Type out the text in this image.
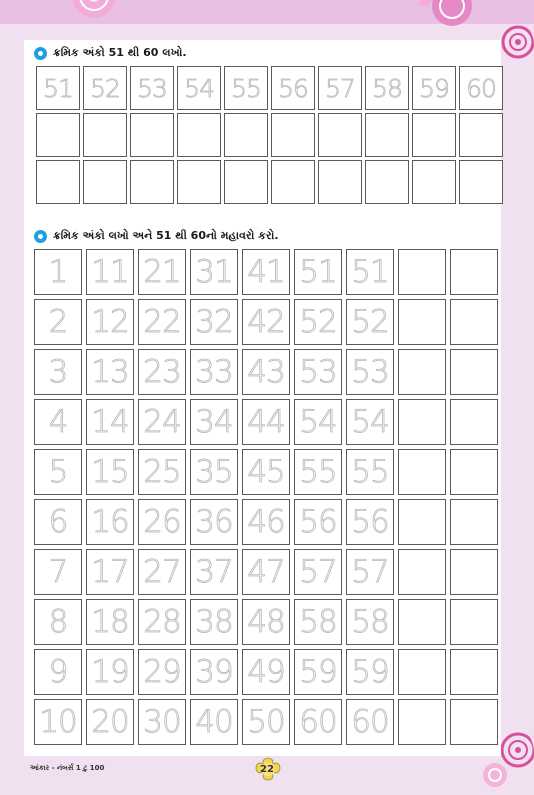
ક્રમિક અંકો 51 થી 60 લખો.
51 52 53 54 55 56 57 58 59 60
ક્રમિક અંકો લખો અને 51 થી 60નો મહાવરો કરો.
1 11 21 31 41 51 51
2 12 22 32 42 52 52
3 13 23 33 43 53 53
4 14 24 34 44 54 54
5 15 25 35 45 55 55
6 16 26 36 46 56 56
7 17 27 37 47 57 57
8 18 28 38 48 58 58
9 19 29 39 49 59 59
10 20 30 40 50 60 60
આંકાર - નંબર્સ 1 ટુ 100	22
